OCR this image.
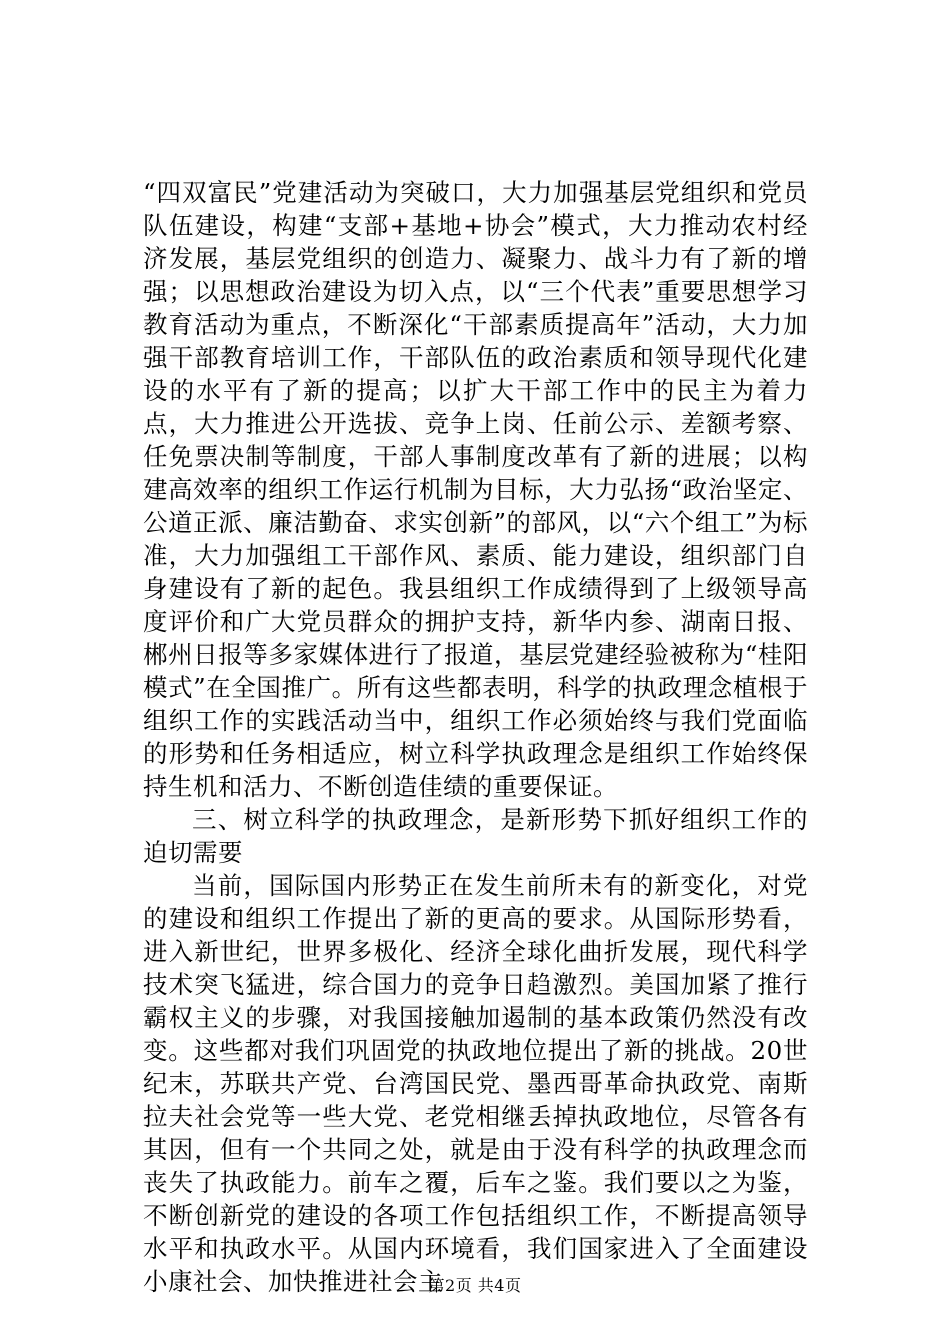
“四双富民”党建活动为突破口，大力加强基层党组织和党员队伍建设，构建“支部+基地+协会”模式，大力推动农村经济发展，基层党组织的创造力、凝聚力、战斗力有了新的增强；以思想政治建设为切入点，以“三个代表”重要思想学习教育活动为重点，不断深化“干部素质提高年”活动，大力加强干部教育培训工作，干部队伍的政治素质和领导现代化建设的水平有了新的提高；以扩大干部工作中的民主为着力点，大力推进公开选拔、竞争上岗、任前公示、差额考察、任免票决制等制度，干部人事制度改革有了新的进展；以构建高效率的组织工作运行机制为目标，大力弘扬“政治坚定、公道正派、廉洁勤奋、求实创新”的部风，以“六个组工”为标准，大力加强组工干部作风、素质、能力建设，组织部门自身建设有了新的起色。我县组织工作成绩得到了上级领导高度评价和广大党员群众的拥护支持，新华内参、湖南日报、郴州日报等多家媒体进行了报道，基层党建经验被称为“桂阳模式”在全国推广。所有这些都表明，科学的执政理念植根于组织工作的实践活动当中，组织工作必须始终与我们党面临的形势和任务相适应，树立科学执政理念是组织工作始终保持生机和活力、不断创造佳绩的重要保证。

三、树立科学的执政理念，是新形势下抓好组织工作的迫切需要

当前，国际国内形势正在发生前所未有的新变化，对党的建设和组织工作提出了新的更高的要求。从国际形势看，进入新世纪，世界多极化、经济全球化曲折发展，现代科学技术突飞猛进，综合国力的竞争日趋激烈。美国加紧了推行霸权主义的步骤，对我国接触加遏制的基本政策仍然没有改变。这些都对我们巩固党的执政地位提出了新的挑战。20世纪末，苏联共产党、台湾国民党、墨西哥革命执政党、南斯拉夫社会党等一些大党、老党相继丢掉执政地位，尽管各有其因，但有一个共同之处，就是由于没有科学的执政理念而丧失了执政能力。前车之覆，后车之鉴。我们要以之为鉴，不断创新党的建设的各项工作包括组织工作，不断提高领导水平和执政水平。从国内环境看，我们国家进入了全面建设小康社会、加快推进社会主

第2页 共4页
